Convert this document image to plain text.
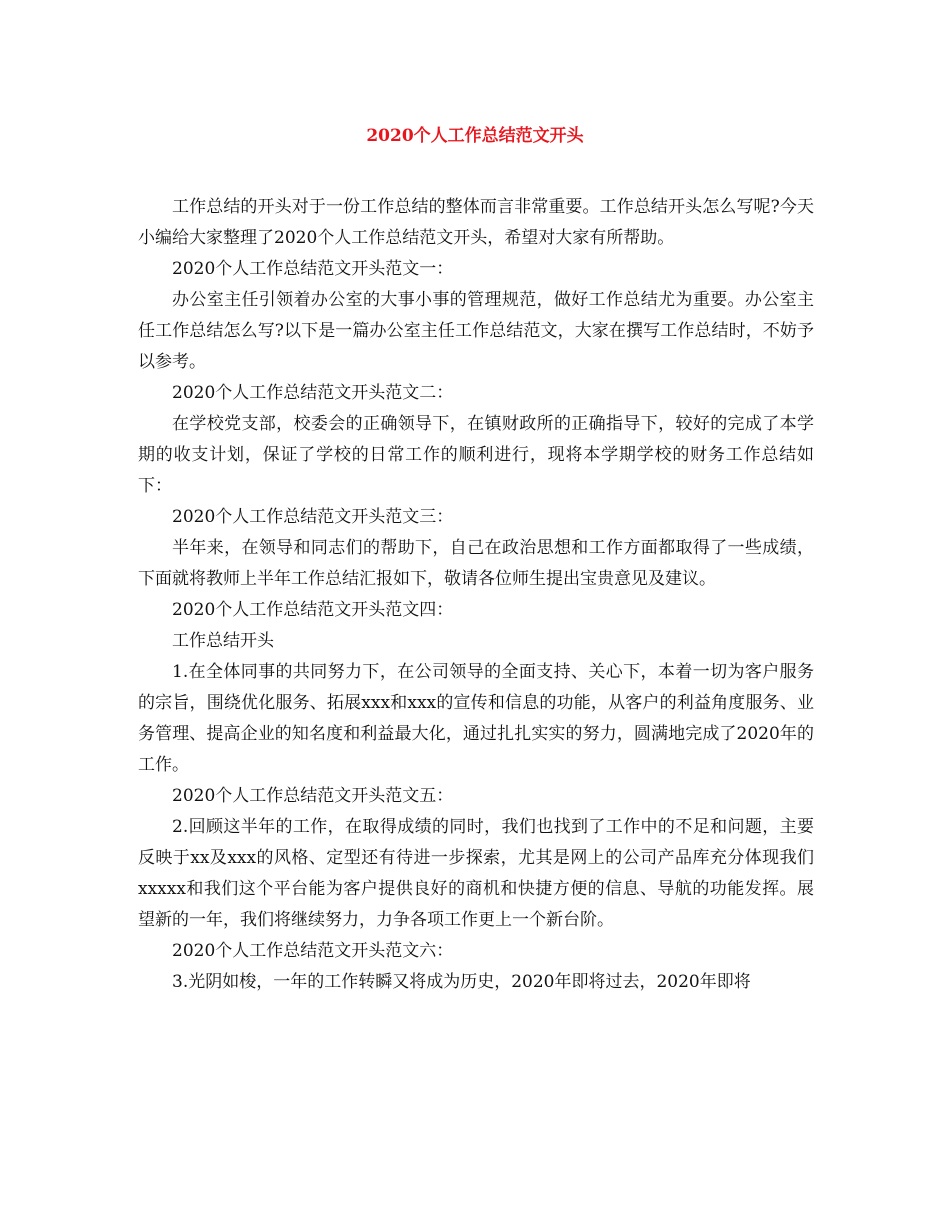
2020个人工作总结范文开头

工作总结的开头对于一份工作总结的整体而言非常重要。工作总结开头怎么写呢?今天小编给大家整理了2020个人工作总结范文开头，希望对大家有所帮助。

2020个人工作总结范文开头范文一：

办公室主任引领着办公室的大事小事的管理规范，做好工作总结尤为重要。办公室主任工作总结怎么写?以下是一篇办公室主任工作总结范文，大家在撰写工作总结时，不妨予以参考。

2020个人工作总结范文开头范文二：

在学校党支部，校委会的正确领导下，在镇财政所的正确指导下，较好的完成了本学期的收支计划，保证了学校的日常工作的顺利进行，现将本学期学校的财务工作总结如下：

2020个人工作总结范文开头范文三：

半年来，在领导和同志们的帮助下，自己在政治思想和工作方面都取得了一些成绩，下面就将教师上半年工作总结汇报如下，敬请各位师生提出宝贵意见及建议。

2020个人工作总结范文开头范文四：

工作总结开头

1.在全体同事的共同努力下，在公司领导的全面支持、关心下，本着一切为客户服务的宗旨，围绕优化服务、拓展xxx和xxx的宣传和信息的功能，从客户的利益角度服务、业务管理、提高企业的知名度和利益最大化，通过扎扎实实的努力，圆满地完成了2020年的工作。

2020个人工作总结范文开头范文五：

2.回顾这半年的工作，在取得成绩的同时，我们也找到了工作中的不足和问题，主要反映于xx及xxx的风格、定型还有待进一步探索，尤其是网上的公司产品库充分体现我们xxxxx和我们这个平台能为客户提供良好的商机和快捷方便的信息、导航的功能发挥。展望新的一年，我们将继续努力，力争各项工作更上一个新台阶。

2020个人工作总结范文开头范文六：

3.光阴如梭，一年的工作转瞬又将成为历史，2020年即将过去，2020年即将
